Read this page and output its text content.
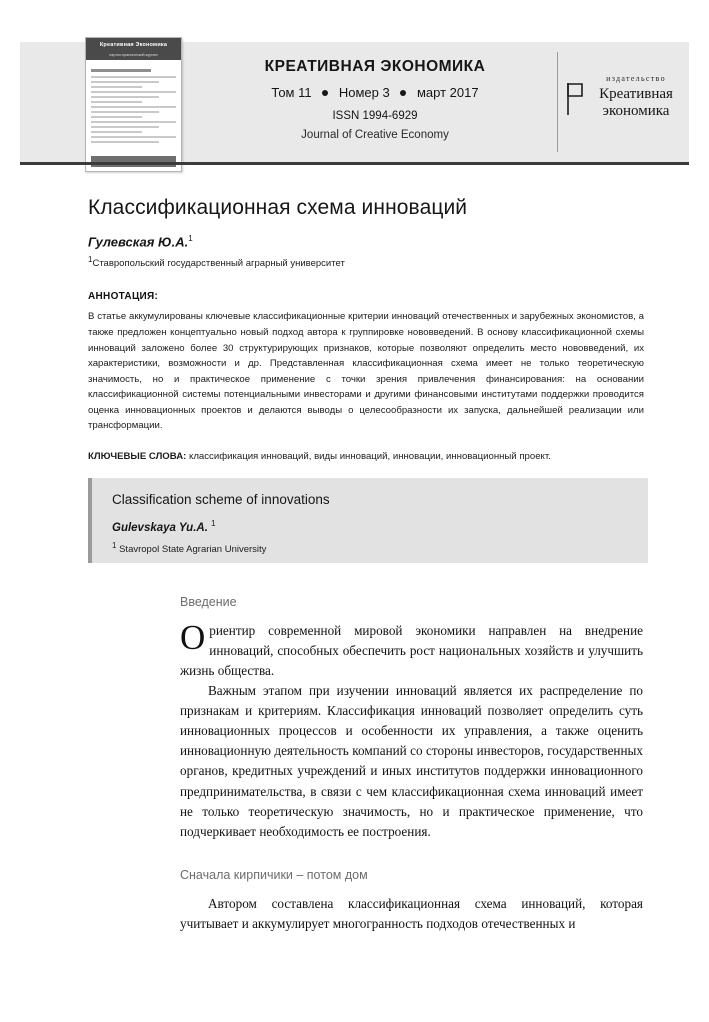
Креативная Экономика
научно-практический журнал
КРЕАТИВНАЯ ЭКОНОМИКА
Том 11 Номер 3 март 2017
ISSN 1994-6929
Journal of Creative Economy
издательство
Креативная
экономика
Классификационная схема инноваций
Гулевская Ю.А.$^1$
$^1$Ставропольский государственный аграрный университет
АННОТАЦИЯ:
В статье аккумулированы ключевые классификационные критерии инноваций отечественных и зарубежных экономистов, а также предложен концептуально новый подход автора к группировке нововведений. В основу классификационной схемы инноваций заложено более 30 структурирующих признаков, которые позволяют определить место нововведений, их характеристики, возможности и др. Представленная классификационная схема имеет не только теоретическую значимость, но и практическое применение с точки зрения привлечения финансирования: на основании классификационной системы потенциальными инвесторами и другими финансовыми институтами поддержки проводится оценка инновационных проектов и делаются выводы о целесообразности их запуска, дальнейшей реализации или трансформации.
КЛЮЧЕВЫЕ СЛОВА: классификация инноваций, виды инноваций, инновации, инновационный проект.
Classification scheme of innovations
Gulevskaya Yu.A. $^1$
$^1$ Stavropol State Agrarian University
Введение

Ориентир современной мировой экономики направлен на внедрение инноваций, способных обеспечить рост национальных хозяйств и улучшить жизнь общества.

Важным этапом при изучении инноваций является их распределение по признакам и критериям. Классификация инноваций позволяет определить суть инновационных процессов и особенности их управления, а также оценить инновационную деятельность компаний со стороны инвесторов, государственных органов, кредитных учреждений и иных институтов поддержки инновационного предпринимательства, в связи с чем классификационная схема инноваций имеет не только теоретическую значимость, но и практическое применение, что подчеркивает необходимость ее построения.

Сначала кирпичики – потом дом

Автором составлена классификационная схема инноваций, которая учитывает и аккумулирует многогранность подходов отечественных и
